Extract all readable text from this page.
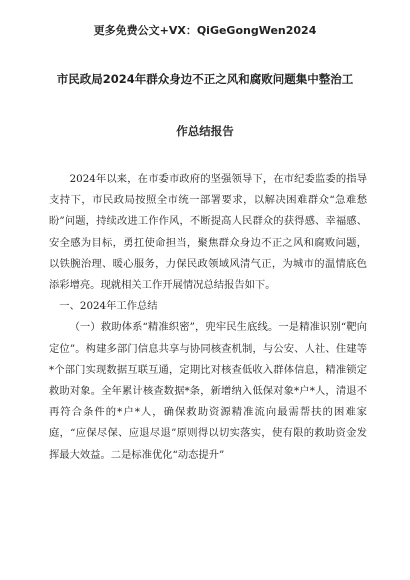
更多免费公文+VX：QiGeGongWen2024
市民政局2024年群众身边不正之风和腐败问题集中整治工
作总结报告

2024年以来，在市委市政府的坚强领导下，在市纪委监委的指导支持下，市民政局按照全市统一部署要求，以解决困难群众“急难愁盼”问题，持续改进工作作风，不断提高人民群众的获得感、幸福感、安全感为目标，勇扛使命担当，聚焦群众身边不正之风和腐败问题，以铁腕治理、暖心服务，力保民政领域风清气正，为城市的温情底色添彩增亮。现就相关工作开展情况总结报告如下。

一、2024年工作总结

（一）救助体系“精准织密”，兜牢民生底线。一是精准识别“靶向定位”。构建多部门信息共享与协同核查机制，与公安、人社、住建等*个部门实现数据互联互通，定期比对核查低收入群体信息，精准锁定救助对象。全年累计核查数据*条，新增纳入低保对象*户*人，清退不再符合条件的*户*人，确保救助资源精准流向最需帮扶的困难家庭，“应保尽保、应退尽退”原则得以切实落实，使有限的救助资金发挥最大效益。二是标准优化“动态提升”
